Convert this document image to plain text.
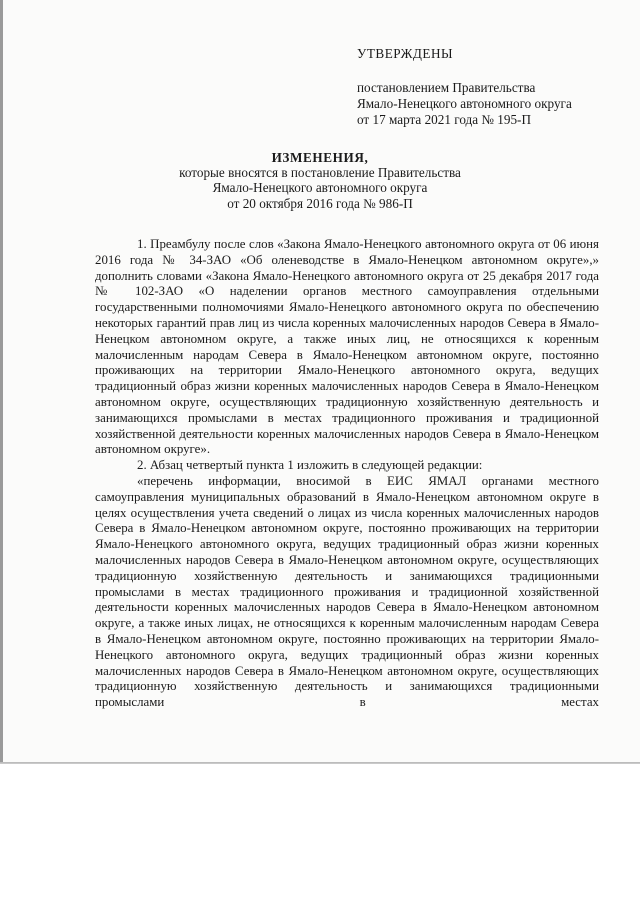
УТВЕРЖДЕНЫ
постановлением Правительства
Ямало-Ненецкого автономного округа
от 17 марта 2021 года № 195-П
ИЗМЕНЕНИЯ,
которые вносятся в постановление Правительства
Ямало-Ненецкого автономного округа
от 20 октября 2016 года № 986-П

1. Преамбулу после слов «Закона Ямало-Ненецкого автономного округа от 06 июня 2016 года № 34-ЗАО «Об оленеводстве в Ямало-Ненецком автономном округе»,» дополнить словами «Закона Ямало-Ненецкого автономного округа от 25 декабря 2017 года № 102-ЗАО «О наделении органов местного самоуправления отдельными государственными полномочиями Ямало-Ненецкого автономного округа по обеспечению некоторых гарантий прав лиц из числа коренных малочисленных народов Севера в Ямало-Ненецком автономном округе, а также иных лиц, не относящихся к коренным малочисленным народам Севера в Ямало-Ненецком автономном округе, постоянно проживающих на территории Ямало-Ненецкого автономного округа, ведущих традиционный образ жизни коренных малочисленных народов Севера в Ямало-Ненецком автономном округе, осуществляющих традиционную хозяйственную деятельность и занимающихся промыслами в местах традиционного проживания и традиционной хозяйственной деятельности коренных малочисленных народов Севера в Ямало-Ненецком автономном округе».

2. Абзац четвертый пункта 1 изложить в следующей редакции:

«перечень информации, вносимой в ЕИС ЯМАЛ органами местного самоуправления муниципальных образований в Ямало-Ненецком автономном округе в целях осуществления учета сведений о лицах из числа коренных малочисленных народов Севера в Ямало-Ненецком автономном округе, постоянно проживающих на территории Ямало-Ненецкого автономного округа, ведущих традиционный образ жизни коренных малочисленных народов Севера в Ямало-Ненецком автономном округе, осуществляющих традиционную хозяйственную деятельность и занимающихся традиционными промыслами в местах традиционного проживания и традиционной хозяйственной деятельности коренных малочисленных народов Севера в Ямало-Ненецком автономном округе, а также иных лицах, не относящихся к коренным малочисленным народам Севера в Ямало-Ненецком автономном округе, постоянно проживающих на территории Ямало-Ненецкого автономного округа, ведущих традиционный образ жизни коренных малочисленных народов Севера в Ямало-Ненецком автономном округе, осуществляющих традиционную хозяйственную деятельность и занимающихся традиционными промыслами в местах
